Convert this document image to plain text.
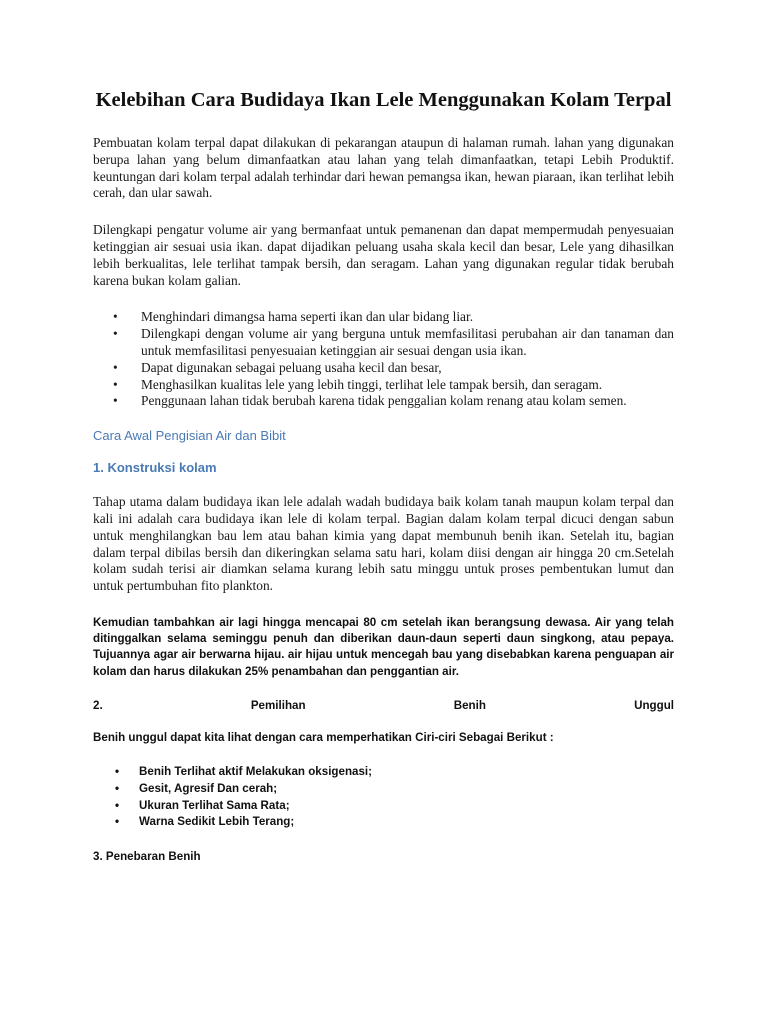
Kelebihan Cara Budidaya Ikan Lele Menggunakan Kolam Terpal

Pembuatan kolam terpal dapat dilakukan di pekarangan ataupun di halaman rumah. lahan yang digunakan berupa lahan yang belum dimanfaatkan atau lahan yang telah dimanfaatkan, tetapi Lebih Produktif. keuntungan dari kolam terpal adalah terhindar dari hewan pemangsa ikan, hewan piaraan, ikan terlihat lebih cerah, dan ular sawah.

Dilengkapi pengatur volume air yang bermanfaat untuk pemanenan dan dapat mempermudah penyesuaian ketinggian air sesuai usia ikan. dapat dijadikan peluang usaha skala kecil dan besar, Lele yang dihasilkan lebih berkualitas, lele terlihat tampak bersih, dan seragam. Lahan yang digunakan regular tidak berubah karena bukan kolam galian.

• Menghindari dimangsa hama seperti ikan dan ular bidang liar.
• Dilengkapi dengan volume air yang berguna untuk memfasilitasi perubahan air dan tanaman dan untuk memfasilitasi penyesuaian ketinggian air sesuai dengan usia ikan.
• Dapat digunakan sebagai peluang usaha kecil dan besar,
• Menghasilkan kualitas lele yang lebih tinggi, terlihat lele tampak bersih, dan seragam.
• Penggunaan lahan tidak berubah karena tidak penggalian kolam renang atau kolam semen.
Cara Awal Pengisian Air dan Bibit
1. Konstruksi kolam

Tahap utama dalam budidaya ikan lele adalah wadah budidaya baik kolam tanah maupun kolam terpal dan kali ini adalah cara budidaya ikan lele di kolam terpal. Bagian dalam kolam terpal dicuci dengan sabun untuk menghilangkan bau lem atau bahan kimia yang dapat membunuh benih ikan. Setelah itu, bagian dalam terpal dibilas bersih dan dikeringkan selama satu hari, kolam diisi dengan air hingga 20 cm.Setelah kolam sudah terisi air diamkan selama kurang lebih satu minggu untuk proses pembentukan lumut dan untuk pertumbuhan fito plankton.

Kemudian tambahkan air lagi hingga mencapai 80 cm setelah ikan berangsung dewasa. Air yang telah ditinggalkan selama seminggu penuh dan diberikan daun-daun seperti daun singkong, atau pepaya. Tujuannya agar air berwarna hijau. air hijau untuk mencegah bau yang disebabkan karena penguapan air kolam dan harus dilakukan 25% penambahan dan penggantian air.

2.	Pemilihan	Benih	Unggul

Benih unggul dapat kita lihat dengan cara memperhatikan Ciri-ciri Sebagai Berikut :

• Benih Terlihat aktif Melakukan oksigenasi;
• Gesit, Agresif Dan cerah;
• Ukuran Terlihat Sama Rata;
• Warna Sedikit Lebih Terang;
3. Penebaran Benih
